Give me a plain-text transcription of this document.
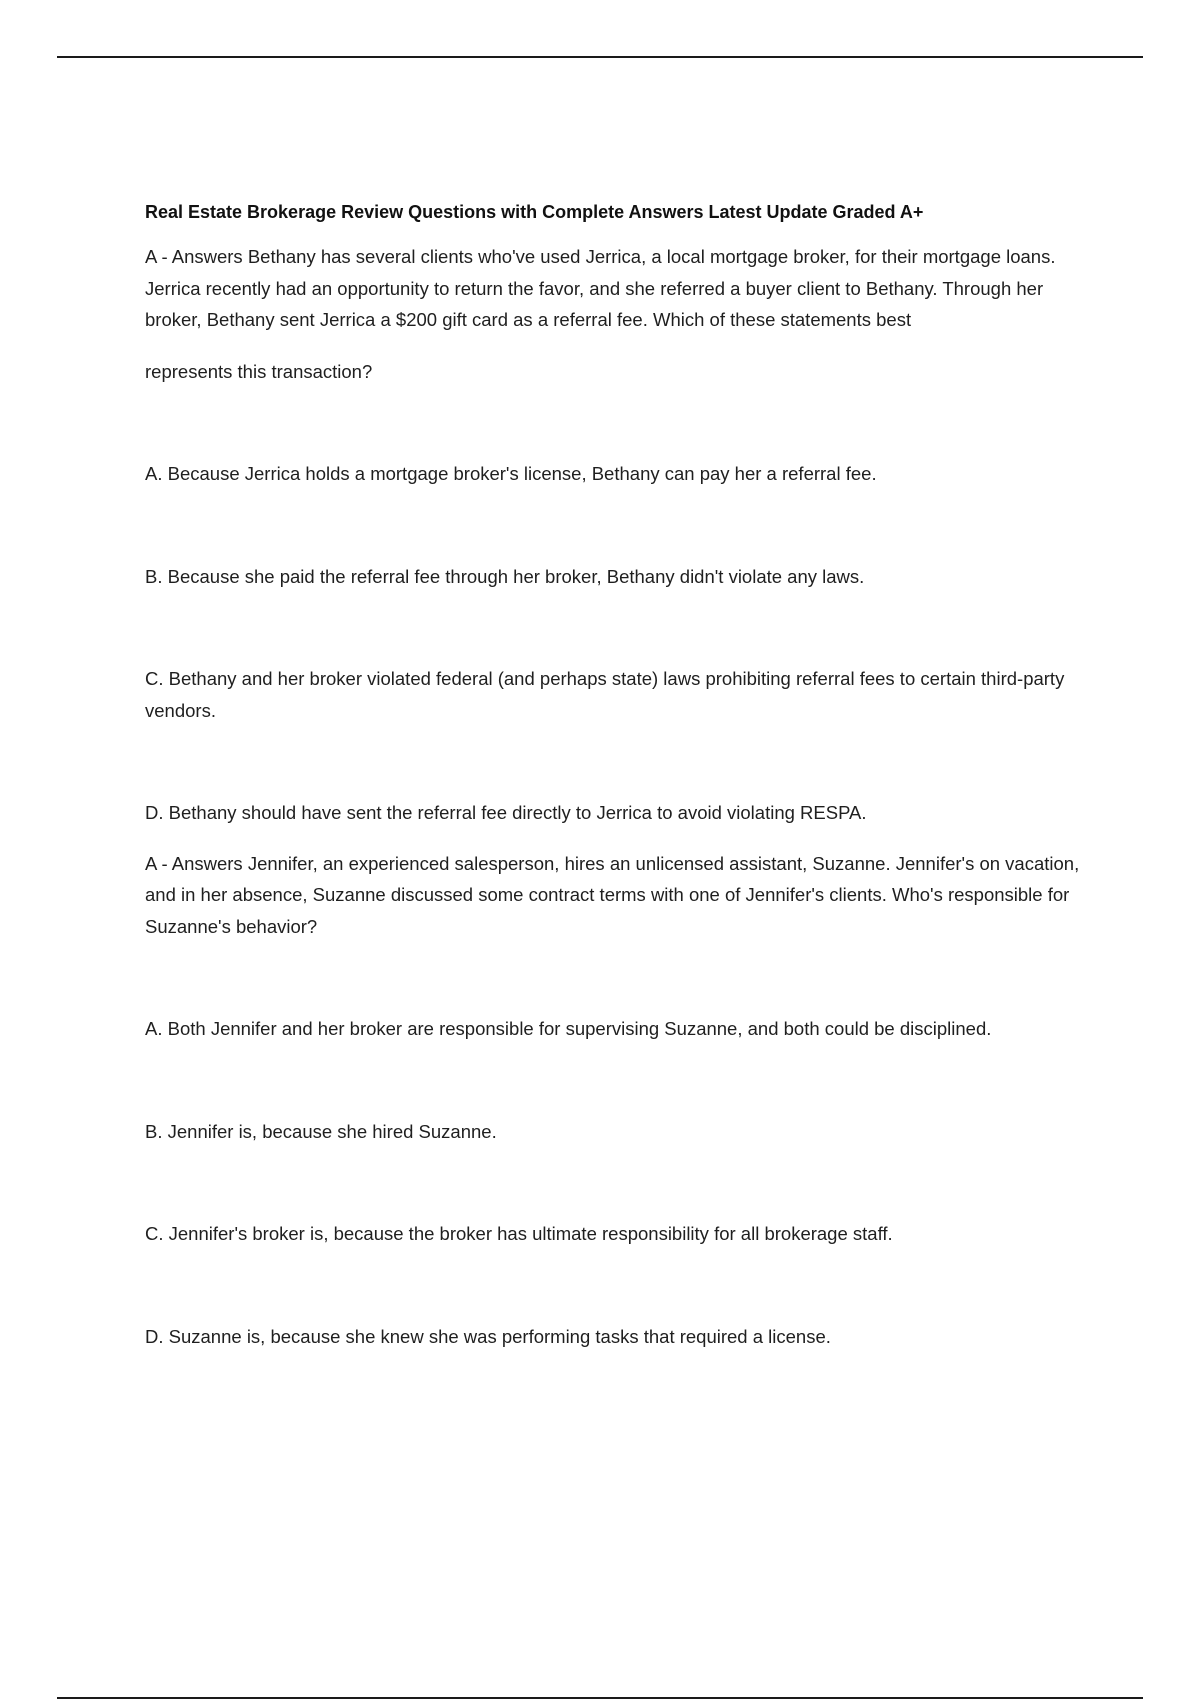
Real Estate Brokerage Review Questions with Complete Answers Latest Update Graded A+

A - Answers Bethany has several clients who've used Jerrica, a local mortgage broker, for their mortgage loans. Jerrica recently had an opportunity to return the favor, and she referred a buyer client to Bethany. Through her broker, Bethany sent Jerrica a $200 gift card as a referral fee. Which of these statements best

represents this transaction?

A. Because Jerrica holds a mortgage broker's license, Bethany can pay her a referral fee.

B. Because she paid the referral fee through her broker, Bethany didn't violate any laws.

C. Bethany and her broker violated federal (and perhaps state) laws prohibiting referral fees to certain third-party vendors.

D. Bethany should have sent the referral fee directly to Jerrica to avoid violating RESPA.

A - Answers Jennifer, an experienced salesperson, hires an unlicensed assistant, Suzanne. Jennifer's on vacation, and in her absence, Suzanne discussed some contract terms with one of Jennifer's clients. Who's responsible for Suzanne's behavior?

A. Both Jennifer and her broker are responsible for supervising Suzanne, and both could be disciplined.

B. Jennifer is, because she hired Suzanne.

C. Jennifer's broker is, because the broker has ultimate responsibility for all brokerage staff.

D. Suzanne is, because she knew she was performing tasks that required a license.
